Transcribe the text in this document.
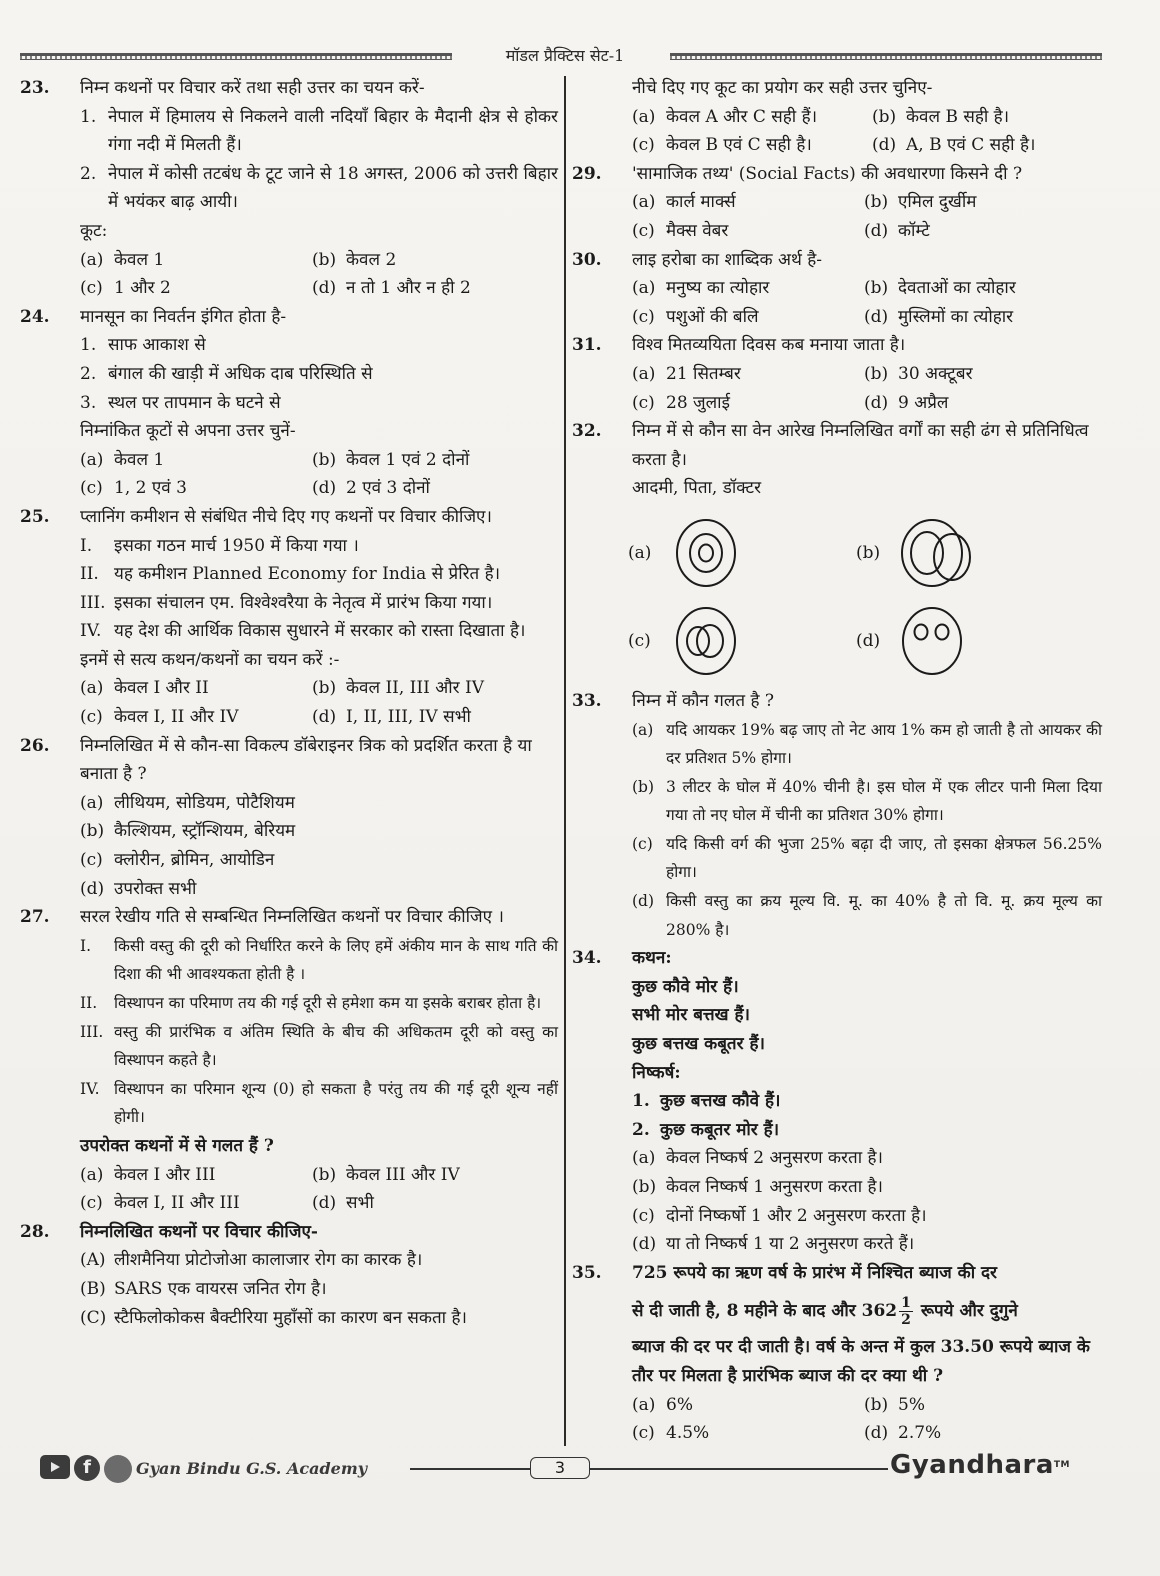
मॉडल प्रैक्टिस सेट-1
23.	निम्न कथनों पर विचार करें तथा सही उत्तर का चयन करें-
1. नेपाल में हिमालय से निकलने वाली नदियाँ बिहार के मैदानी क्षेत्र से होकर गंगा नदी में मिलती हैं।
2. नेपाल में कोसी तटबंध के टूट जाने से 18 अगस्त, 2006 को उत्तरी बिहार में भयंकर बाढ़ आयी।
कूट:
(a) केवल 1	(b) केवल 2
(c) 1 और 2	(d) न तो 1 और न ही 2
24.	मानसून का निवर्तन इंगित होता है-
1. साफ आकाश से
2. बंगाल की खाड़ी में अधिक दाब परिस्थिति से
3. स्थल पर तापमान के घटने से
निम्नांकित कूटों से अपना उत्तर चुनें-
(a) केवल 1	(b) केवल 1 एवं 2 दोनों
(c) 1, 2 एवं 3	(d) 2 एवं 3 दोनों
25.	प्लानिंग कमीशन से संबंधित नीचे दिए गए कथनों पर विचार कीजिए।
I.	इसका गठन मार्च 1950 में किया गया ।
II. यह कमीशन Planned Economy for India से प्रेरित है।
III. इसका संचालन एम. विश्वेश्वरैया के नेतृत्व में प्रारंभ किया गया।
IV. यह देश की आर्थिक विकास सुधारने में सरकार को रास्ता दिखाता है।
इनमें से सत्य कथन/कथनों का चयन करें :-
(a) केवल I और II	(b) केवल II, III और IV
(c) केवल I, II और IV	(d) I, II, III, IV सभी
26.	निम्नलिखित में से कौन-सा विकल्प डॉबेराइनर त्रिक को प्रदर्शित करता है या बनाता है ?
(a) लीथियम, सोडियम, पोटैशियम
(b) कैल्शियम, स्ट्रॉन्शियम, बेरियम
(c) क्लोरीन, ब्रोमिन, आयोडिन
(d) उपरोक्त सभी
27.	सरल रेखीय गति से सम्बन्धित निम्नलिखित कथनों पर विचार कीजिए ।
I.	किसी वस्तु की दूरी को निर्धारित करने के लिए हमें अंकीय मान के साथ गति की दिशा की भी आवश्यकता होती है ।
II.	विस्थापन का परिमाण तय की गई दूरी से हमेशा कम या इसके बराबर होता है।
III. वस्तु की प्रारंभिक व अंतिम स्थिति के बीच की अधिकतम दूरी को वस्तु का विस्थापन कहते है।
IV. विस्थापन का परिमान शून्य (0) हो सकता है परंतु तय की गई दूरी शून्य नहीं होगी।
उपरोक्त कथनों में से गलत हैं ?
(a) केवल I और III	(b) केवल III और IV
(c) केवल I, II और III	(d) सभी
28.	निम्नलिखित कथनों पर विचार कीजिए-
(A) लीशमैनिया प्रोटोजोआ कालाजार रोग का कारक है।
(B) SARS एक वायरस जनित रोग है।
(C) स्टैफिलोकोकस बैक्टीरिया मुहाँसों का कारण बन सकता है।
नीचे दिए गए कूट का प्रयोग कर सही उत्तर चुनिए-
(a) केवल A और C सही हैं।	(b) केवल B सही है।
(c) केवल B एवं C सही है।	(d) A, B एवं C सही है।
29.	'सामाजिक तथ्य' (Social Facts) की अवधारणा किसने दी ?
(a) कार्ल मार्क्स	(b) एमिल दुर्खीम
(c) मैक्स वेबर	(d) कॉम्टे
30.	लाइ हरोबा का शाब्दिक अर्थ है-
(a) मनुष्य का त्योहार	(b) देवताओं का त्योहार
(c) पशुओं की बलि	(d) मुस्लिमों का त्योहार
31.	विश्व मितव्ययिता दिवस कब मनाया जाता है।
(a) 21 सितम्बर	(b) 30 अक्टूबर
(c) 28 जुलाई	(d) 9 अप्रैल
32.	निम्न में से कौन सा वेन आरेख निम्नलिखित वर्गों का सही ढंग से प्रतिनिधित्व करता है।
आदमी, पिता, डॉक्टर
(a)	(b)
(c)	(d)
33.	निम्न में कौन गलत है ?
(a) यदि आयकर 19% बढ़ जाए तो नेट आय 1% कम हो जाती है तो आयकर की दर प्रतिशत 5% होगा।
(b) 3 लीटर के घोल में 40% चीनी है। इस घोल में एक लीटर पानी मिला दिया गया तो नए घोल में चीनी का प्रतिशत 30% होगा।
(c) यदि किसी वर्ग की भुजा 25% बढ़ा दी जाए, तो इसका क्षेत्रफल 56.25% होगा।
(d) किसी वस्तु का क्रय मूल्य वि. मू. का 40% है तो वि. मू. क्रय मूल्य का 280% है।
34.	कथन:
कुछ कौवे मोर हैं।
सभी मोर बत्तख हैं।
कुछ बत्तख कबूतर हैं।
निष्कर्ष:
1. कुछ बत्तख कौवे हैं।
2. कुछ कबूतर मोर हैं।
(a) केवल निष्कर्ष 2 अनुसरण करता है।
(b) केवल निष्कर्ष 1 अनुसरण करता है।
(c) दोनों निष्कर्षो 1 और 2 अनुसरण करता है।
(d) या तो निष्कर्ष 1 या 2 अनुसरण करते हैं।
35.	725 रूपये का ऋण वर्ष के प्रारंभ में निश्चित ब्याज की दर
से दी जाती है, 8 महीने के बाद और $362 \frac{1}{2}$ रूपये और दुगुने
ब्याज की दर पर दी जाती है। वर्ष के अन्त में कुल 33.50 रूपये ब्याज के तौर पर मिलता है प्रारंभिक ब्याज की दर क्या थी ?
(a) 6%	(b) 5%
(c) 4.5%	(d) 2.7%
f	Gyan Bindu G.S. Academy	3	Gyandhara™
